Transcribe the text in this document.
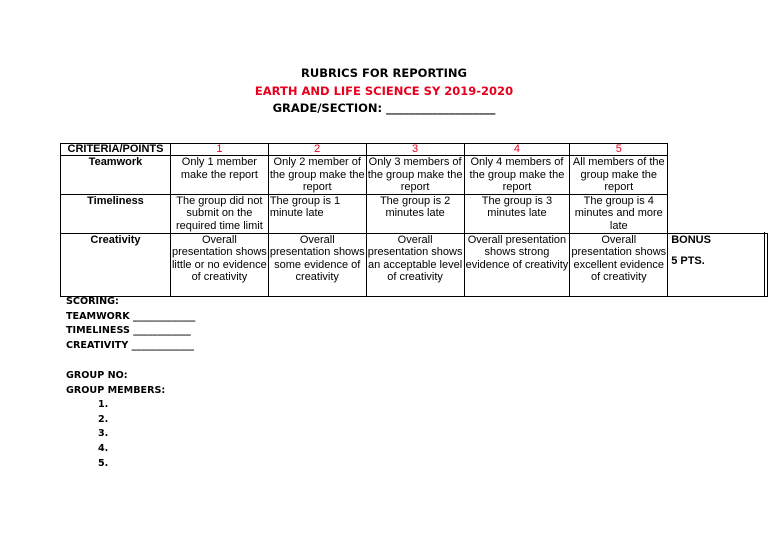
RUBRICS FOR REPORTING
EARTH AND LIFE SCIENCE SY 2019-2020
GRADE/SECTION: ___________________
CRITERIA/POINTS	1	2	3	4	5	
Teamwork	Only 1 member make the report	Only 2 member of the group make the report	Only 3 members of the group make the report	Only 4 members of the group make the report	All members of the group make the report	
Timeliness	The group did not submit on the required time limit	The group is 1 minute late	The group is 2 minutes late	The group is 3 minutes late	The group is 4 minutes and more late	
Creativity	Overall presentation shows little or no evidence of creativity	Overall presentation shows some evidence of creativity	Overall presentation shows an acceptable level of creativity	Overall presentation shows strong evidence of creativity	Overall presentation shows excellent evidence of creativity	BONUS
5 PTS.
SCORING:
TEAMWORK _____________
TIMELINESS ____________
CREATIVITY _____________
GROUP NO:
GROUP MEMBERS:
1.
2.
3.
4.
5.
